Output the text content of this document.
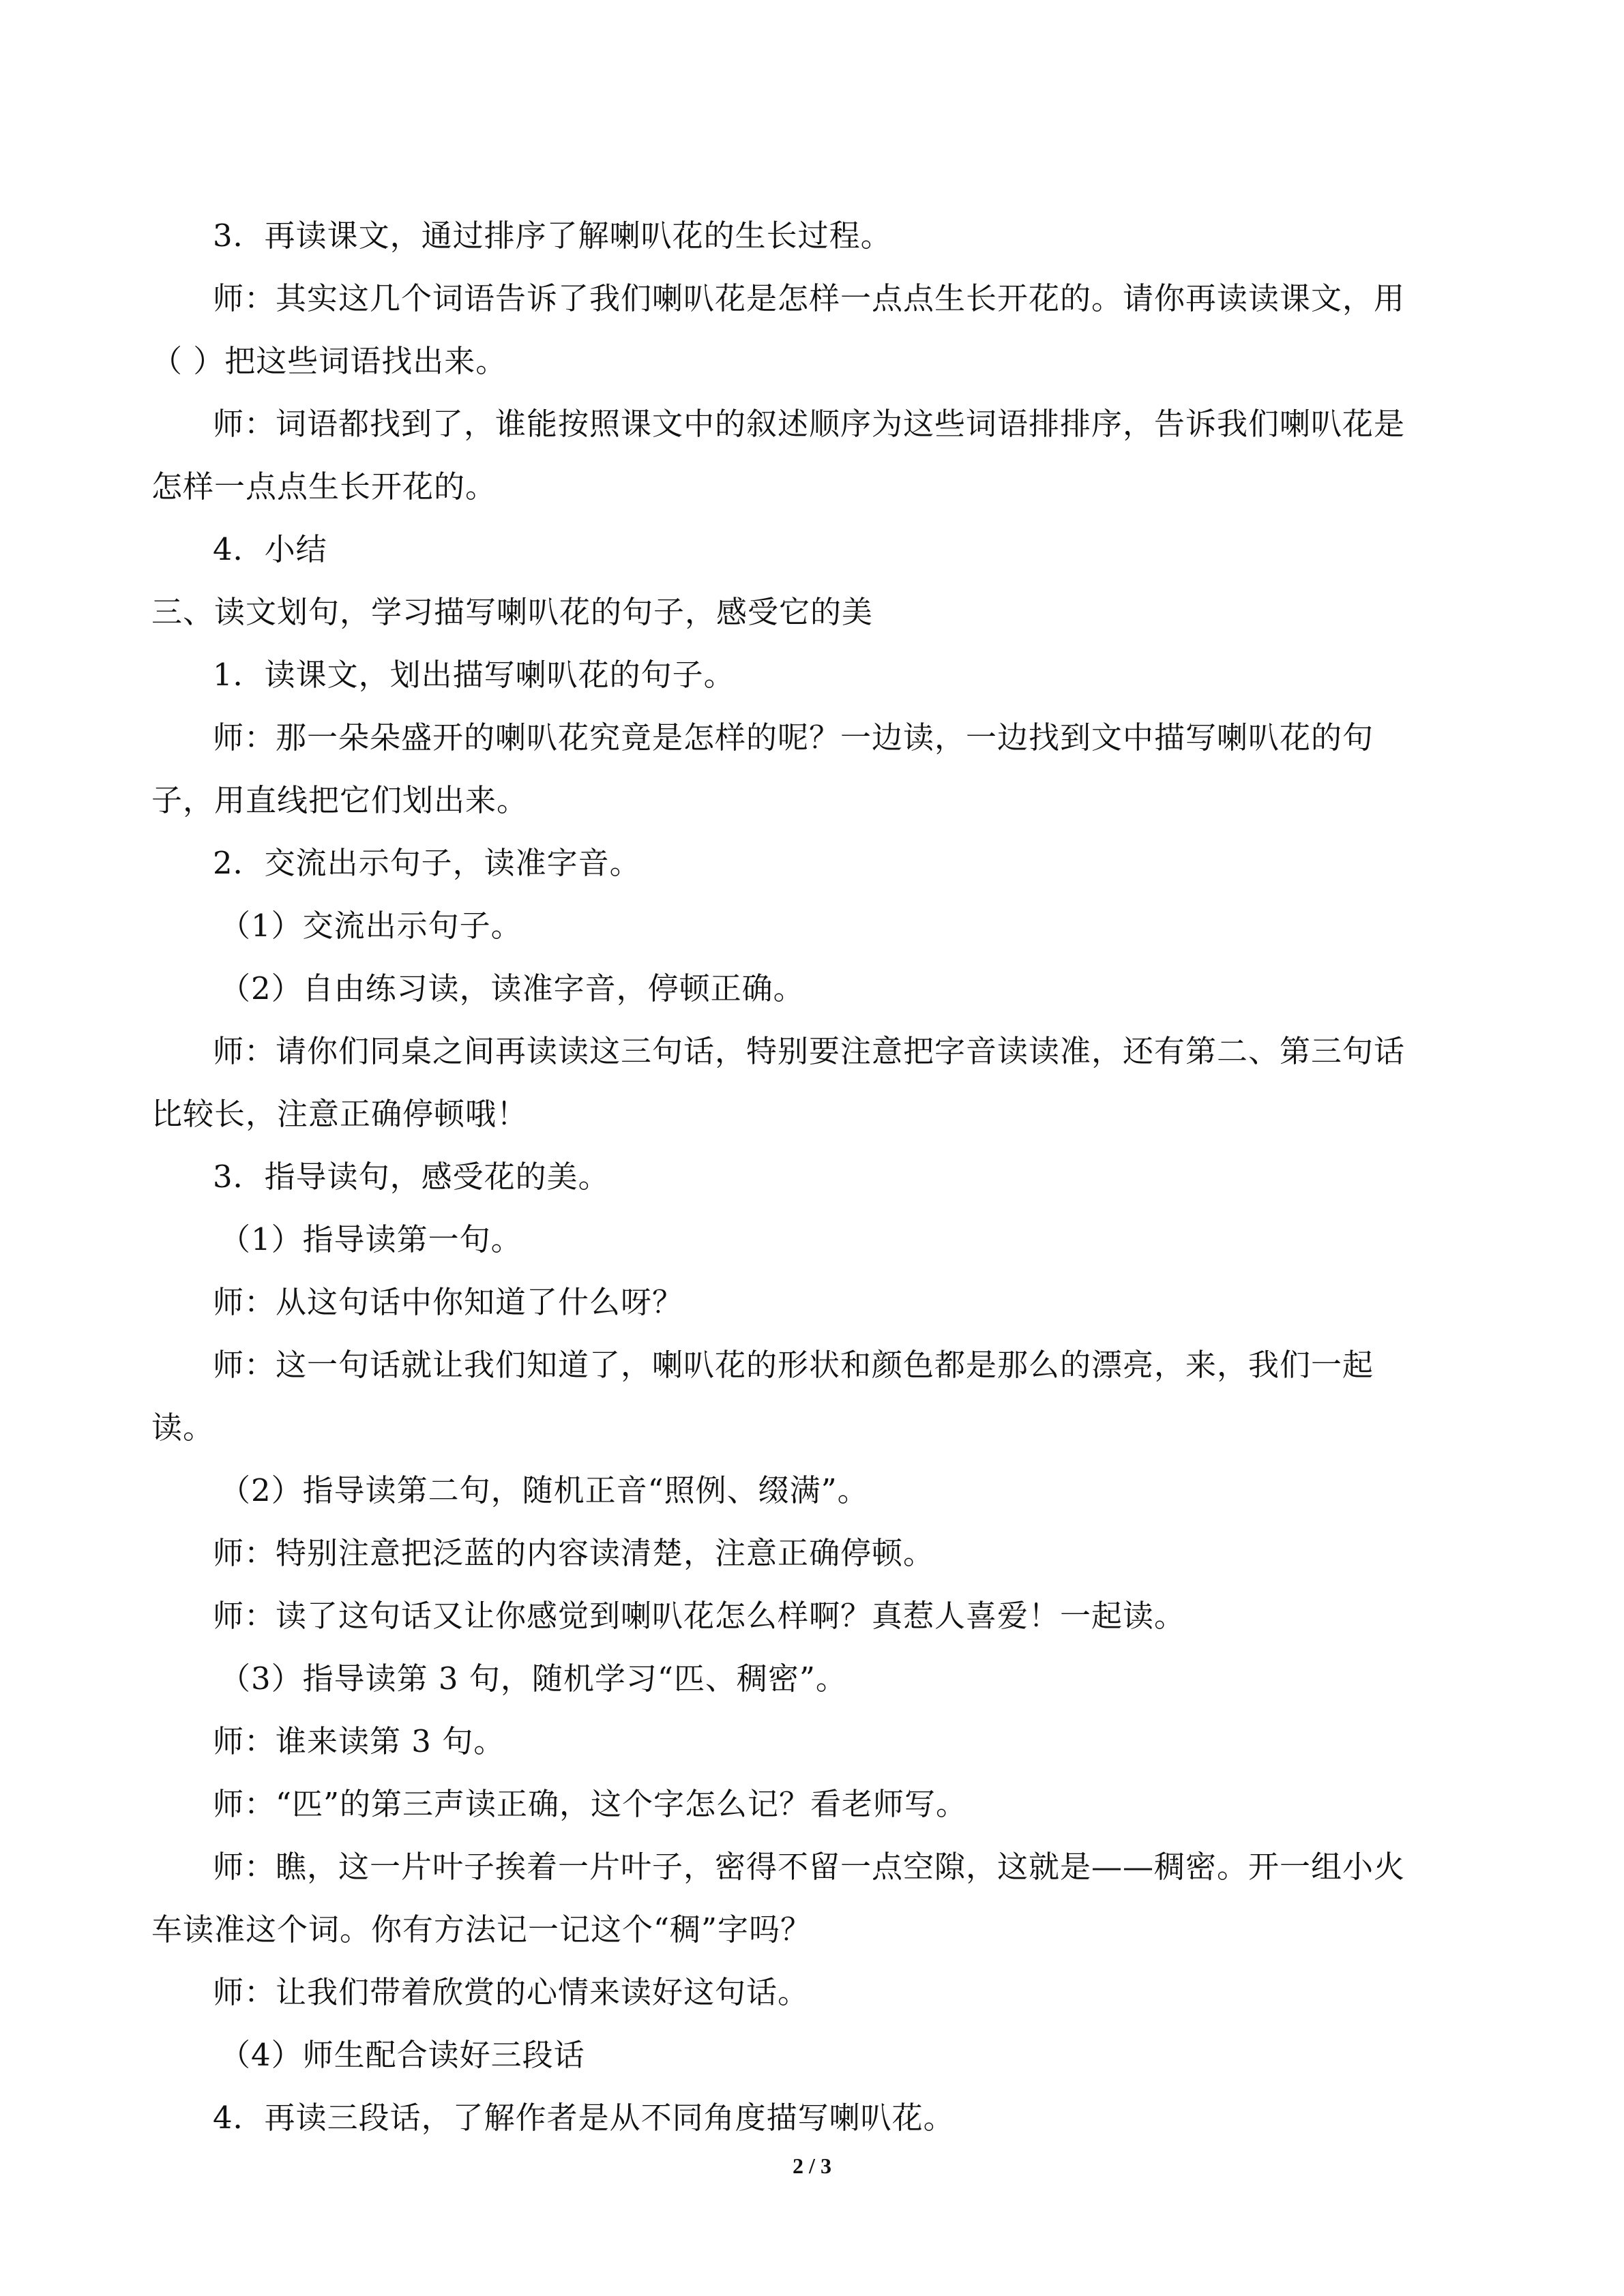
3．再读课文，通过排序了解喇叭花的生长过程。
师：其实这几个词语告诉了我们喇叭花是怎样一点点生长开花的。请你再读读课文，用
（ ）把这些词语找出来。
师：词语都找到了，谁能按照课文中的叙述顺序为这些词语排排序，告诉我们喇叭花是
怎样一点点生长开花的。
4．小结
三、读文划句，学习描写喇叭花的句子，感受它的美
1．读课文，划出描写喇叭花的句子。
师：那一朵朵盛开的喇叭花究竟是怎样的呢？一边读，一边找到文中描写喇叭花的句
子，用直线把它们划出来。
2．交流出示句子，读准字音。
（1）交流出示句子。
（2）自由练习读，读准字音，停顿正确。
师：请你们同桌之间再读读这三句话，特别要注意把字音读读准，还有第二、第三句话
比较长，注意正确停顿哦！
3．指导读句，感受花的美。
（1）指导读第一句。
师：从这句话中你知道了什么呀？
师：这一句话就让我们知道了，喇叭花的形状和颜色都是那么的漂亮，来，我们一起
读。
（2）指导读第二句，随机正音“照例、缀满”。
师：特别注意把泛蓝的内容读清楚，注意正确停顿。
师：读了这句话又让你感觉到喇叭花怎么样啊？真惹人喜爱！一起读。
（3）指导读第 3 句，随机学习“匹、稠密”。
师：谁来读第 3 句。
师：“匹”的第三声读正确，这个字怎么记？看老师写。
师：瞧，这一片叶子挨着一片叶子，密得不留一点空隙，这就是——稠密。开一组小火
车读准这个词。你有方法记一记这个“稠”字吗？
师：让我们带着欣赏的心情来读好这句话。
（4）师生配合读好三段话
4．再读三段话，了解作者是从不同角度描写喇叭花。
2 / 3
